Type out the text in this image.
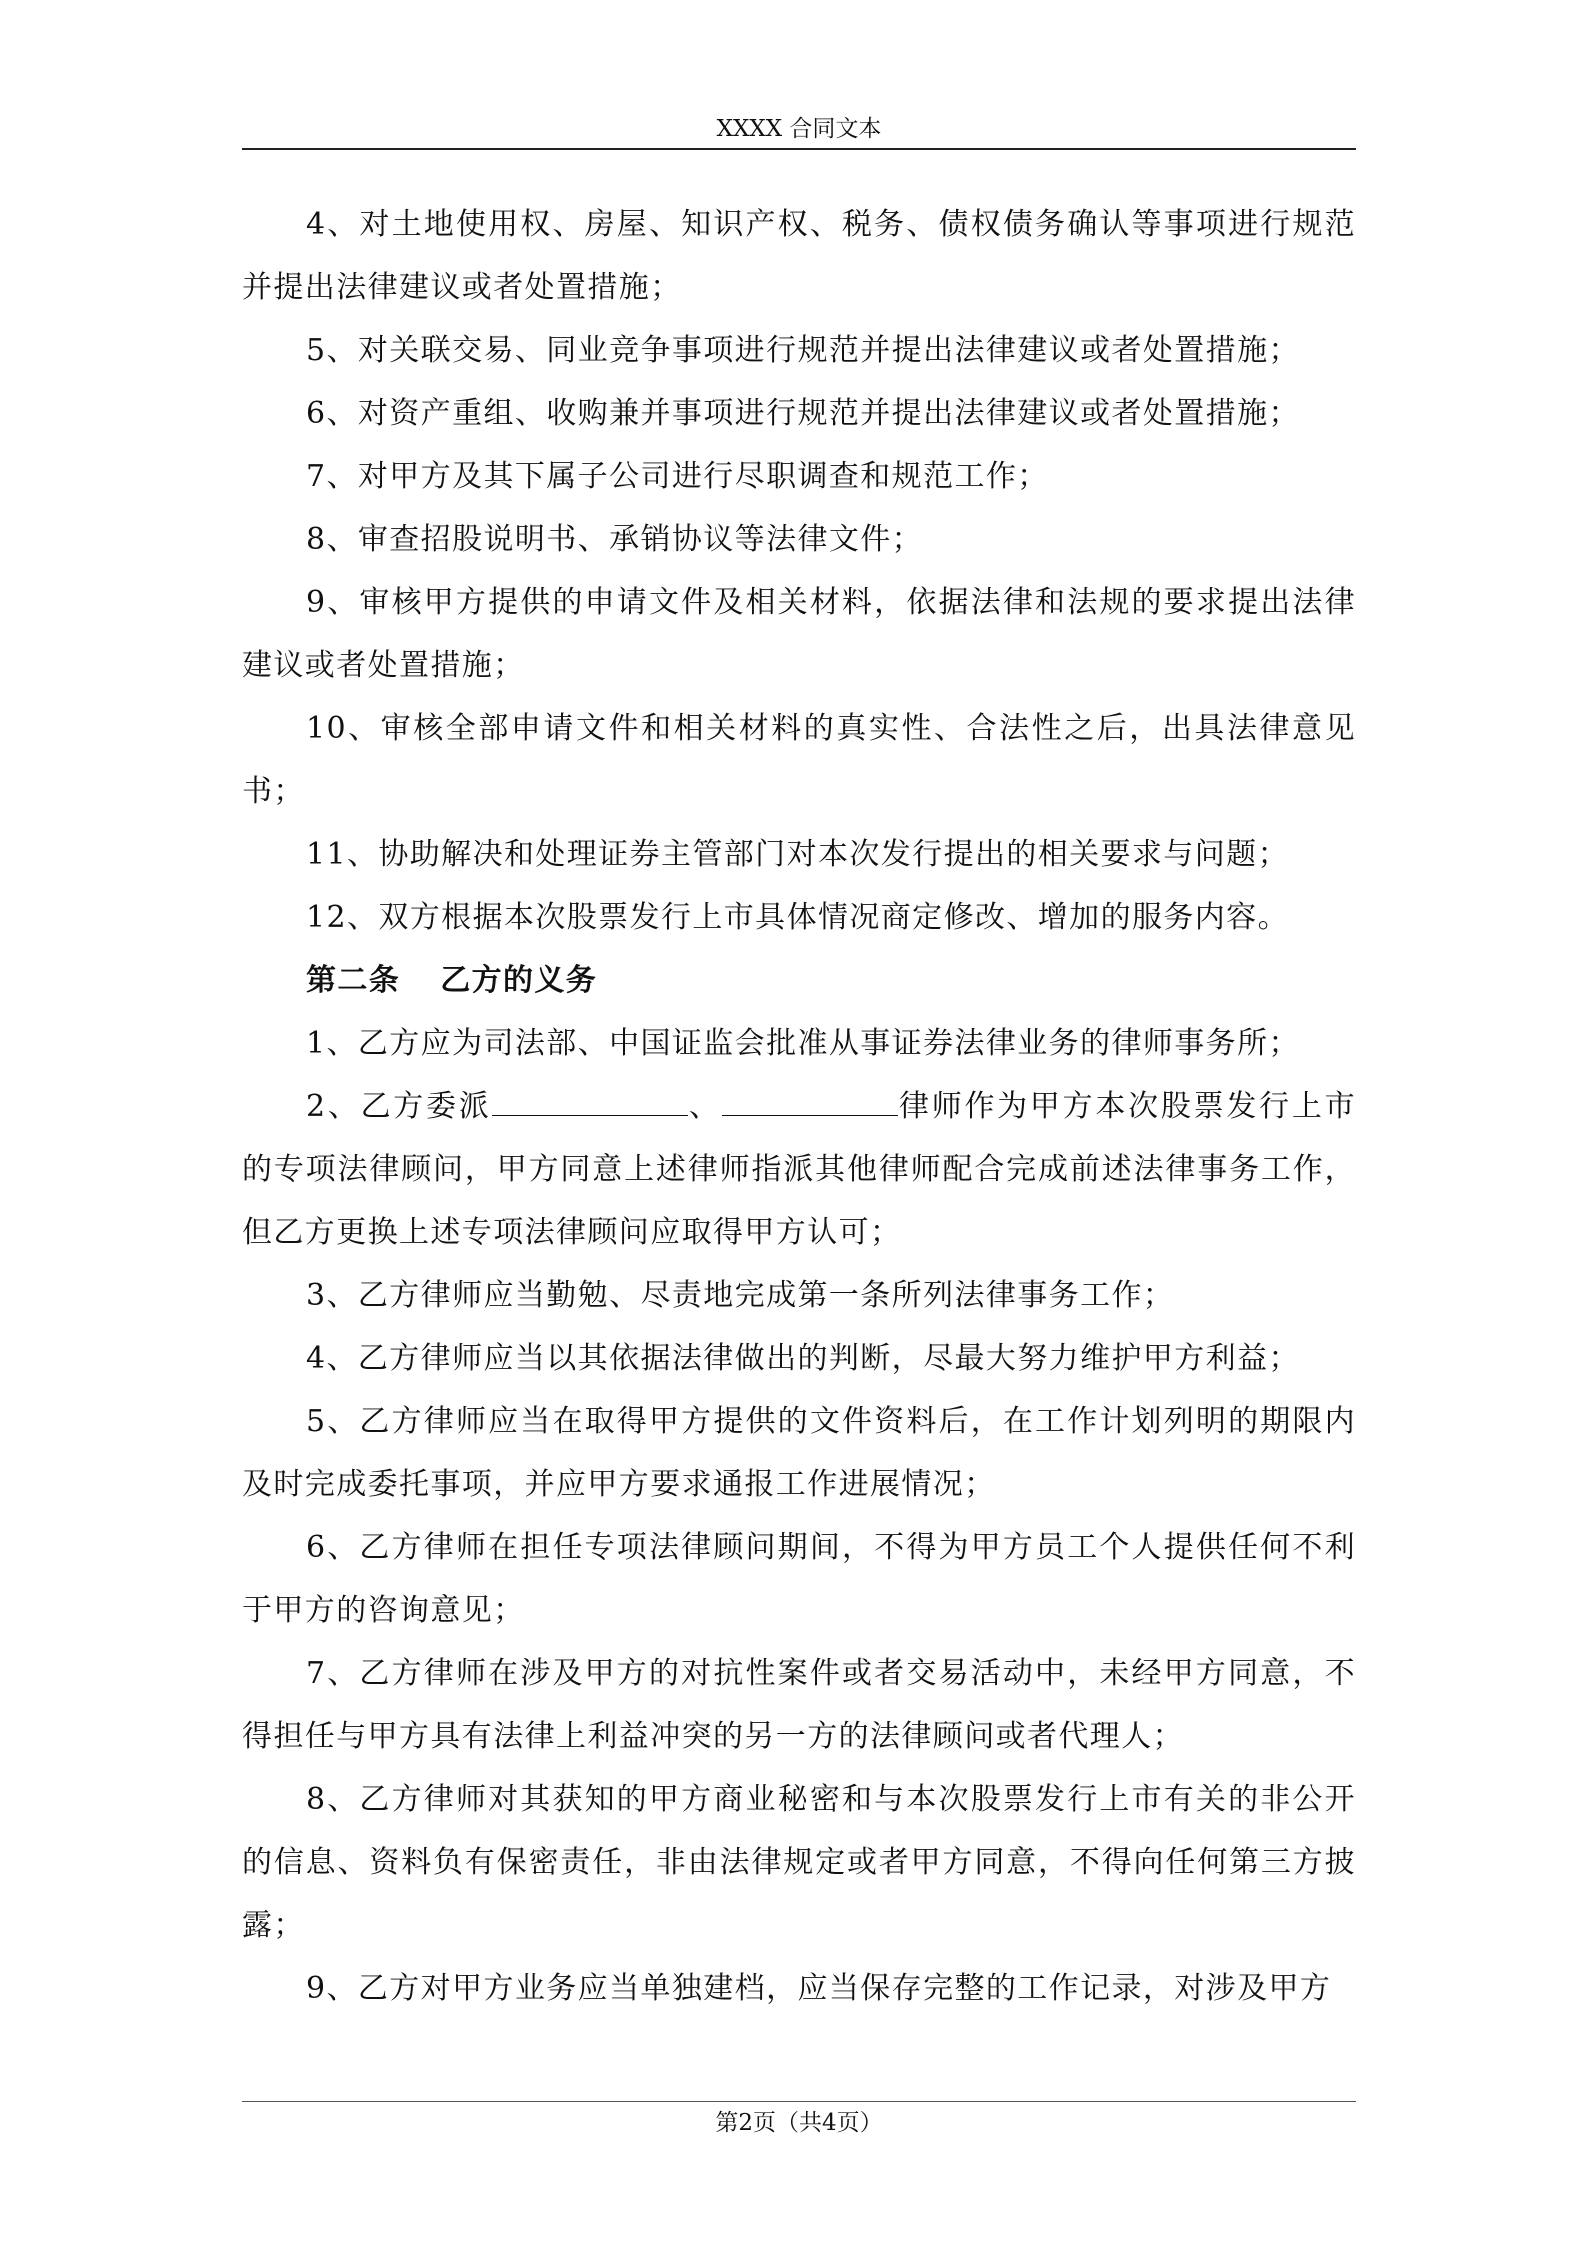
XXXX 合同文本

4、对土地使用权、房屋、知识产权、税务、债权债务确认等事项进行规范并提出法律建议或者处置措施；

5、对关联交易、同业竞争事项进行规范并提出法律建议或者处置措施；

6、对资产重组、收购兼并事项进行规范并提出法律建议或者处置措施；

7、对甲方及其下属子公司进行尽职调查和规范工作；

8、审查招股说明书、承销协议等法律文件；

9、审核甲方提供的申请文件及相关材料，依据法律和法规的要求提出法律建议或者处置措施；

10、审核全部申请文件和相关材料的真实性、合法性之后，出具法律意见书；

11、协助解决和处理证券主管部门对本次发行提出的相关要求与问题；

12、双方根据本次股票发行上市具体情况商定修改、增加的服务内容。

第二条 乙方的义务

1、乙方应为司法部、中国证监会批准从事证券法律业务的律师事务所；

2、乙方委派	、	律师作为甲方本次股票发行上市的专项法律顾问，甲方同意上述律师指派其他律师配合完成前述法律事务工作，但乙方更换上述专项法律顾问应取得甲方认可；

3、乙方律师应当勤勉、尽责地完成第一条所列法律事务工作；

4、乙方律师应当以其依据法律做出的判断，尽最大努力维护甲方利益；

5、乙方律师应当在取得甲方提供的文件资料后，在工作计划列明的期限内及时完成委托事项，并应甲方要求通报工作进展情况；

6、乙方律师在担任专项法律顾问期间，不得为甲方员工个人提供任何不利于甲方的咨询意见；

7、乙方律师在涉及甲方的对抗性案件或者交易活动中，未经甲方同意，不得担任与甲方具有法律上利益冲突的另一方的法律顾问或者代理人；

8、乙方律师对其获知的甲方商业秘密和与本次股票发行上市有关的非公开的信息、资料负有保密责任，非由法律规定或者甲方同意，不得向任何第三方披露；

9、乙方对甲方业务应当单独建档，应当保存完整的工作记录，对涉及甲方

第2页（共4页）
